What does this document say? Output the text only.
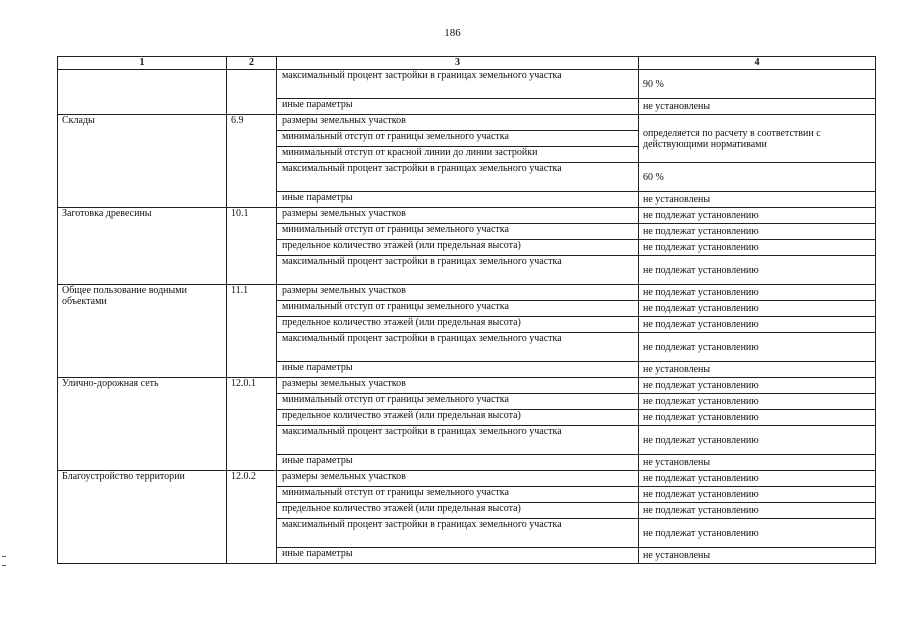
186
1	2	3	4
		максимальный процент застройки в границах земельного участка	90 %
		иные параметры	не установлены
Склады	6.9	размеры земельных участков	определяется по расчету в соответствии с действующими нормативами
		минимальный отступ от границы земельного участка	
		минимальный отступ от красной линии до линии застройки	
		максимальный процент застройки в границах земельного участка	60 %
		иные параметры	не установлены
Заготовка древесины	10.1	размеры земельных участков	не подлежат установлению
		минимальный отступ от границы земельного участка	не подлежат установлению
		предельное количество этажей (или предельная высота)	не подлежат установлению
		максимальный процент застройки в границах земельного участка	не подлежат установлению
Общее пользование водными объектами	11.1	размеры земельных участков	не подлежат установлению
		минимальный отступ от границы земельного участка	не подлежат установлению
		предельное количество этажей (или предельная высота)	не подлежат установлению
		максимальный процент застройки в границах земельного участка	не подлежат установлению
		иные параметры	не установлены
Улично-дорожная сеть	12.0.1	размеры земельных участков	не подлежат установлению
		минимальный отступ от границы земельного участка	не подлежат установлению
		предельное количество этажей (или предельная высота)	не подлежат установлению
		максимальный процент застройки в границах земельного участка	не подлежат установлению
		иные параметры	не установлены
Благоустройство территории	12.0.2	размеры земельных участков	не подлежат установлению
		минимальный отступ от границы земельного участка	не подлежат установлению
		предельное количество этажей (или предельная высота)	не подлежат установлению
		максимальный процент застройки в границах земельного участка	не подлежат установлению
		иные параметры	не установлены
